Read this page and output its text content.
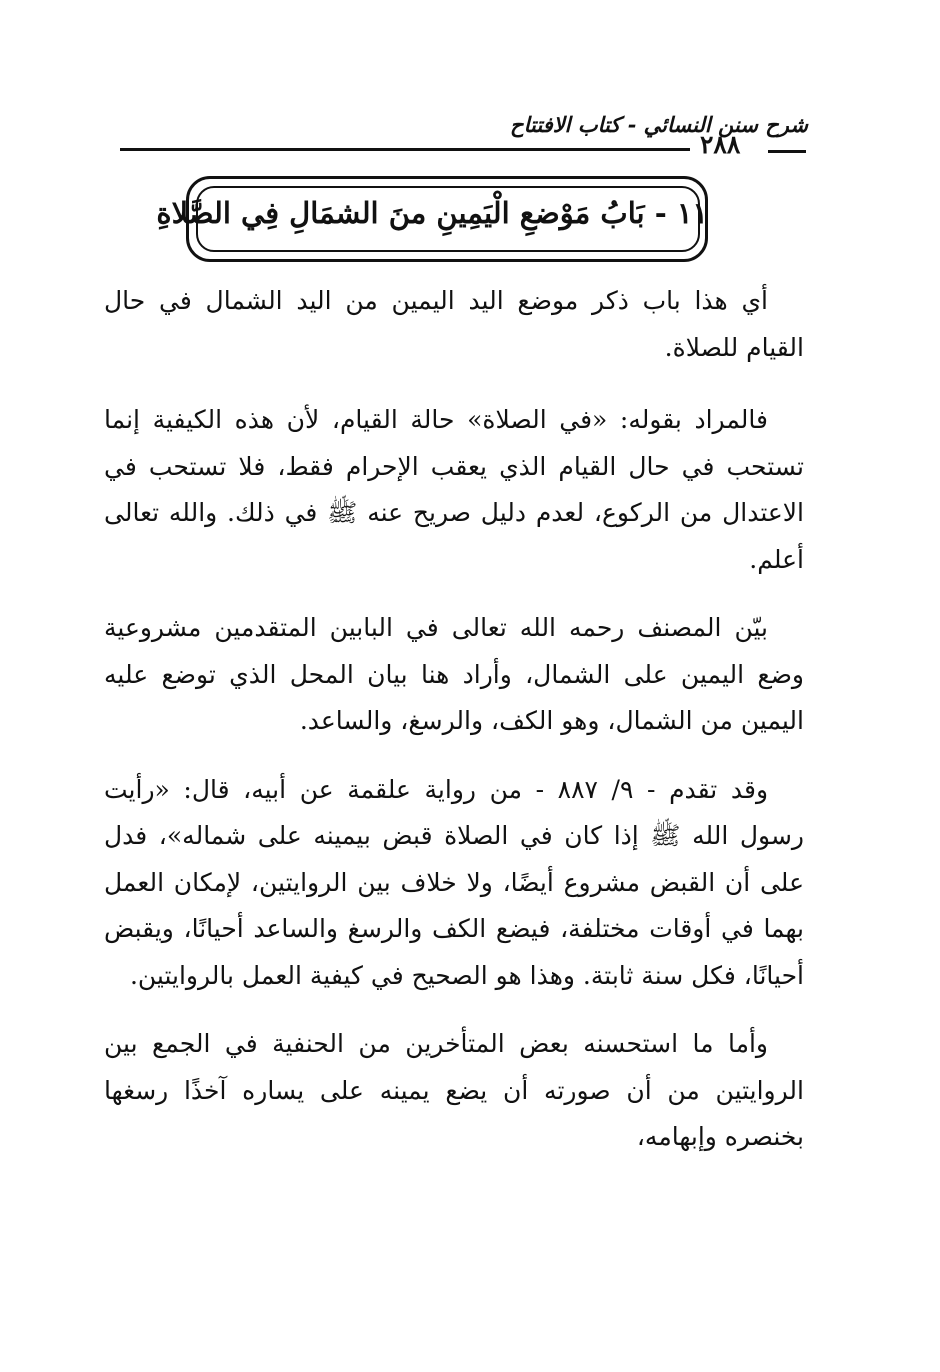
شرح سنن النسائي - كتاب الافتتاح
٢٨٨
١١ - بَابُ مَوْضعِ الْيَمِينِ منَ الشمَالِ فِي الصَّلاةِ

أي هذا باب ذكر موضع اليد اليمين من اليد الشمال في حال القيام للصلاة.

فالمراد بقوله: «في الصلاة» حالة القيام، لأن هذه الكيفية إنما تستحب في حال القيام الذي يعقب الإحرام فقط، فلا تستحب في الاعتدال من الركوع، لعدم دليل صريح عنه ﷺ في ذلك. والله تعالى أعلم.

بيّن المصنف رحمه الله تعالى في البابين المتقدمين مشروعية وضع اليمين على الشمال، وأراد هنا بيان المحل الذي توضع عليه اليمين من الشمال، وهو الكف، والرسغ، والساعد.

وقد تقدم - ٩/ ٨٨٧ - من رواية علقمة عن أبيه، قال: «رأيت رسول الله ﷺ إذا كان في الصلاة قبض بيمينه على شماله»، فدل على أن القبض مشروع أيضًا، ولا خلاف بين الروايتين، لإمكان العمل بهما في أوقات مختلفة، فيضع الكف والرسغ والساعد أحيانًا، ويقبض أحيانًا، فكل سنة ثابتة. وهذا هو الصحيح في كيفية العمل بالروايتين.

وأما ما استحسنه بعض المتأخرين من الحنفية في الجمع بين الروايتين من أن صورته أن يضع يمينه على يساره آخذًا رسغها بخنصره وإبهامه،
